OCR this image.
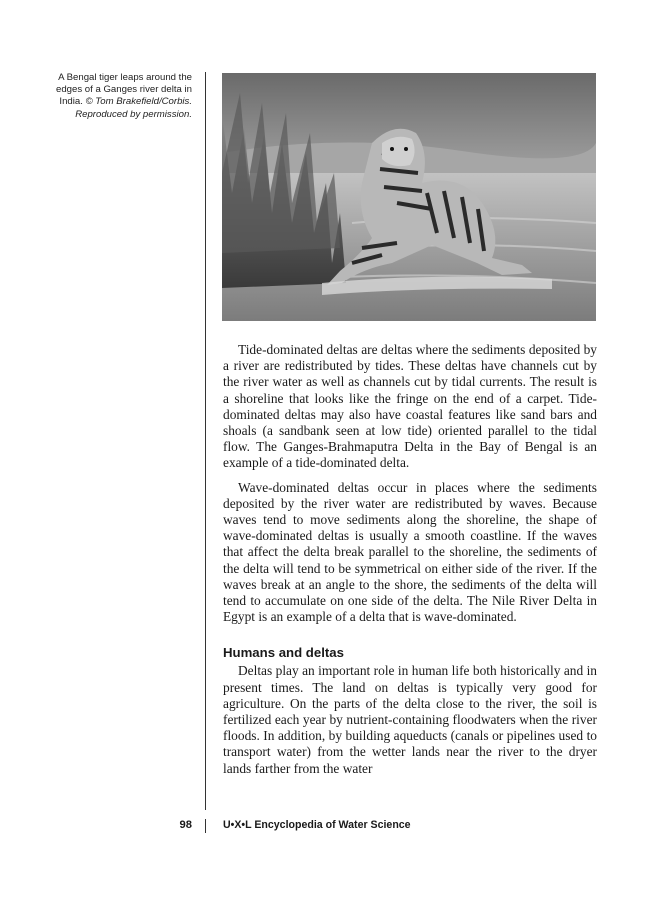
A Bengal tiger leaps around the edges of a Ganges river delta in India. © Tom Brakefield/Corbis. Reproduced by permission.

Tide-dominated deltas are deltas where the sediments deposited by a river are redistributed by tides. These deltas have channels cut by the river water as well as channels cut by tidal currents. The result is a shoreline that looks like the fringe on the end of a carpet. Tide-dominated deltas may also have coastal features like sand bars and shoals (a sandbank seen at low tide) oriented parallel to the tidal flow. The Ganges-Brahmaputra Delta in the Bay of Bengal is an example of a tide-dominated delta.

Wave-dominated deltas occur in places where the sediments deposited by the river water are redistributed by waves. Because waves tend to move sediments along the shoreline, the shape of wave-dominated deltas is usually a smooth coastline. If the waves that affect the delta break parallel to the shoreline, the sediments of the delta will tend to be symmetrical on either side of the river. If the waves break at an angle to the shore, the sediments of the delta will tend to accumulate on one side of the delta. The Nile River Delta in Egypt is an example of a delta that is wave-dominated.

Humans and deltas

Deltas play an important role in human life both historically and in present times. The land on deltas is typically very good for agriculture. On the parts of the delta close to the river, the soil is fertilized each year by nutrient-containing floodwaters when the river floods. In addition, by building aqueducts (canals or pipelines used to transport water) from the wetter lands near the river to the dryer lands farther from the water

98	U•X•L Encyclopedia of Water Science
